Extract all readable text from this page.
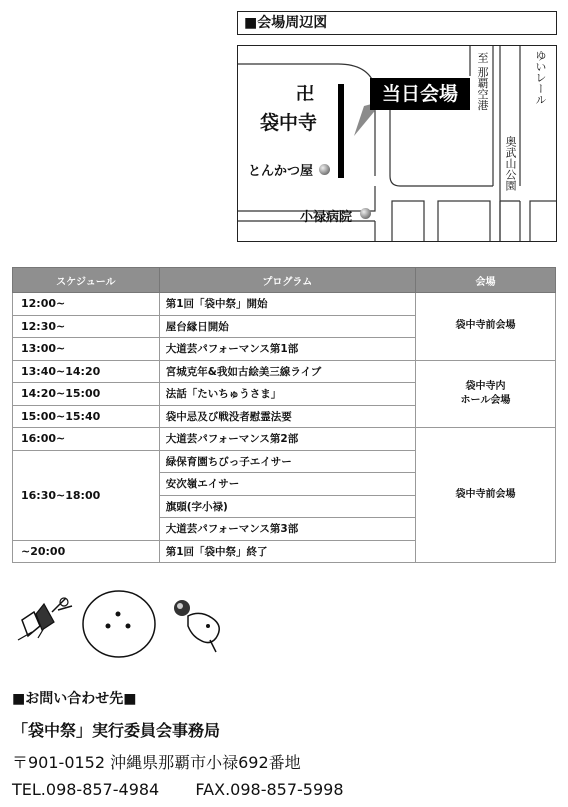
■会場周辺図
卍
袋中寺
当日会場
とんかつ屋
小禄病院
至 那覇空港	ゆいレール
奥武山公園
スケジュール	プログラム	会場
12:00~	第1回「袋中祭」開始	袋中寺前会場
12:30~	屋台縁日開始	
13:00~	大道芸パフォーマンス第1部	
13:40~14:20	宮城克年&我如古絵美三線ライブ	袋中寺内
ホール会場
14:20~15:00	法話「たいちゅうさま」	
15:00~15:40	袋中忌及び戦没者慰霊法要	
16:00~	大道芸パフォーマンス第2部	袋中寺前会場
16:30~18:00	緑保育園ちびっ子エイサー	
	安次嶺エイサー	
	旗頭(字小禄)	
	大道芸パフォーマンス第3部	
~20:00	第1回「袋中祭」終了	
■お問い合わせ先■
「袋中祭」実行委員会事務局
〒901-0152 沖縄県那覇市小禄692番地
TEL.098-857-4984 FAX.098-857-5998
